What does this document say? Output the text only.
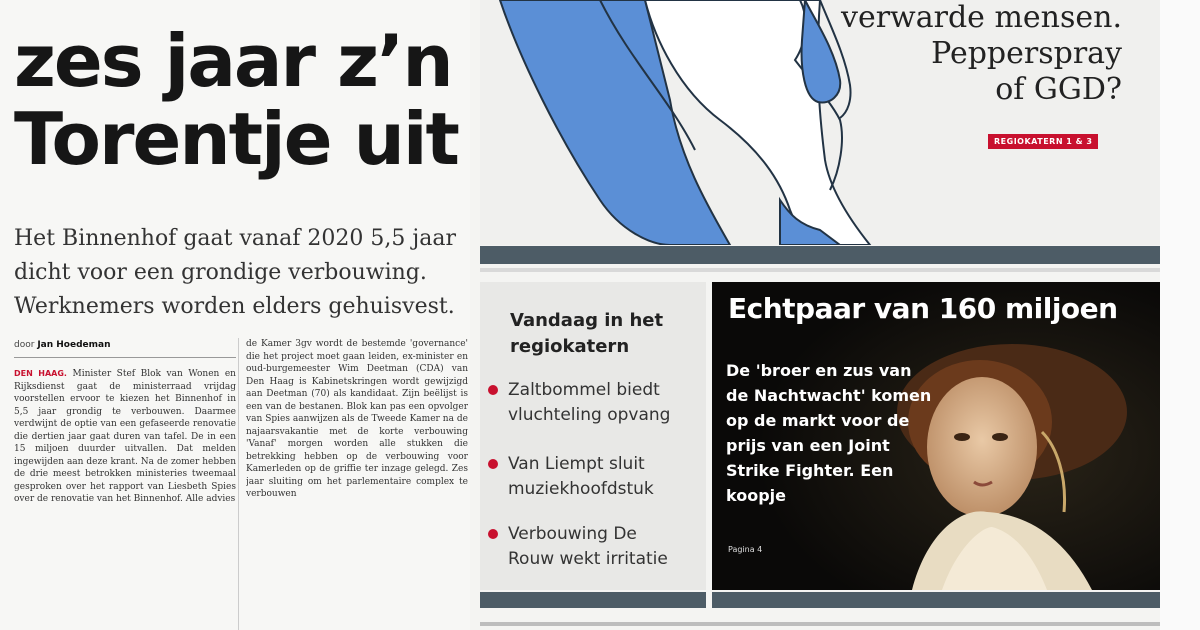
zes jaar z’n
Torentje uit
Het Binnenhof gaat vanaf 2020 5,5 jaar dicht voor een grondige verbouwing. Werknemers worden elders gehuisvest.
door Jan Hoedeman
DEN HAAG. Minister Stef Blok van Wonen en Rijksdienst gaat de ministerraad vrijdag voorstellen ervoor te kiezen het Binnenhof in 5,5 jaar grondig te verbouwen. Daarmee verdwijnt de optie van een gefaseerde renovatie die dertien jaar gaat duren van tafel. De in een 15 miljoen duurder uitvallen. Dat melden ingewijden aan deze krant. Na de zomer hebben de drie meest betrokken ministeries tweemaal gesproken over het rapport van Liesbeth Spies over de renovatie van het Binnenhof. Alle advies
de Kamer 3gv wordt de bestemde 'governance' die het project moet gaan leiden, ex-minister en oud-burgemeester Wim Deetman (CDA) van Den Haag is Kabinetskringen wordt gewijzigd aan Deetman (70) als kandidaat. Zijn beëlijst is een van de bestanen. Blok kan pas een opvolger van Spies aanwijzen als de Tweede Kamer na de najaarsvakantie met de korte verbouwing 'Vanaf' morgen worden alle stukken die betrekking hebben op de verbouwing voor Kamerleden op de griffie ter inzage gelegd. Zes jaar sluiting om het parlementaire complex te verbouwen
verwarde mensen.
Pepperspray
of GGD?
REGIOKATERN 1 & 3
Vandaag in het regiokatern
Zaltbommel biedt vluchteling opvang
Van Liempt sluit muziekhoofdstuk
Verbouwing De Rouw wekt irritatie
Echtpaar van 160 miljoen
De 'broer en zus van de Nachtwacht' komen op de markt voor de prijs van een Joint Strike Fighter. Een koopje
Pagina 4
